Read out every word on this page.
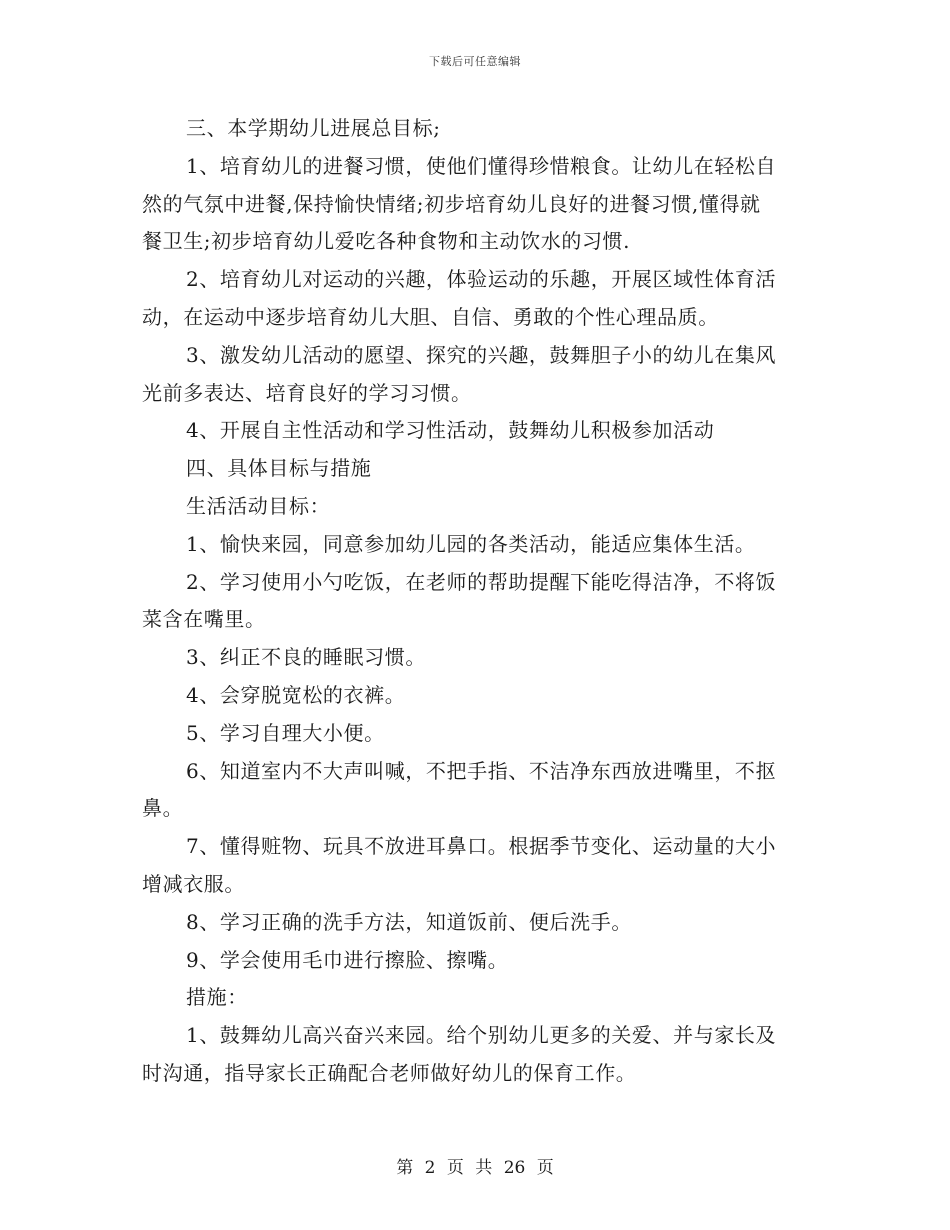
下载后可任意编辑
三、本学期幼儿进展总目标;
1、培育幼儿的进餐习惯，使他们懂得珍惜粮食。让幼儿在轻松自
然的气氛中进餐,保持愉快情绪;初步培育幼儿良好的进餐习惯,懂得就
餐卫生;初步培育幼儿爱吃各种食物和主动饮水的习惯.
2、培育幼儿对运动的兴趣，体验运动的乐趣，开展区域性体育活
动，在运动中逐步培育幼儿大胆、自信、勇敢的个性心理品质。
3、激发幼儿活动的愿望、探究的兴趣，鼓舞胆子小的幼儿在集风
光前多表达、培育良好的学习习惯。
4、开展自主性活动和学习性活动，鼓舞幼儿积极参加活动
四、具体目标与措施
生活活动目标：
1、愉快来园，同意参加幼儿园的各类活动，能适应集体生活。
2、学习使用小勺吃饭，在老师的帮助提醒下能吃得洁净，不将饭
菜含在嘴里。
3、纠正不良的睡眠习惯。
4、会穿脱宽松的衣裤。
5、学习自理大小便。
6、知道室内不大声叫喊，不把手指、不洁净东西放进嘴里，不抠
鼻。
7、懂得赃物、玩具不放进耳鼻口。根据季节变化、运动量的大小
增减衣服。
8、学习正确的洗手方法，知道饭前、便后洗手。
9、学会使用毛巾进行擦脸、擦嘴。
措施：
1、鼓舞幼儿高兴奋兴来园。给个别幼儿更多的关爱、并与家长及
时沟通，指导家长正确配合老师做好幼儿的保育工作。
第 2 页 共 26 页
